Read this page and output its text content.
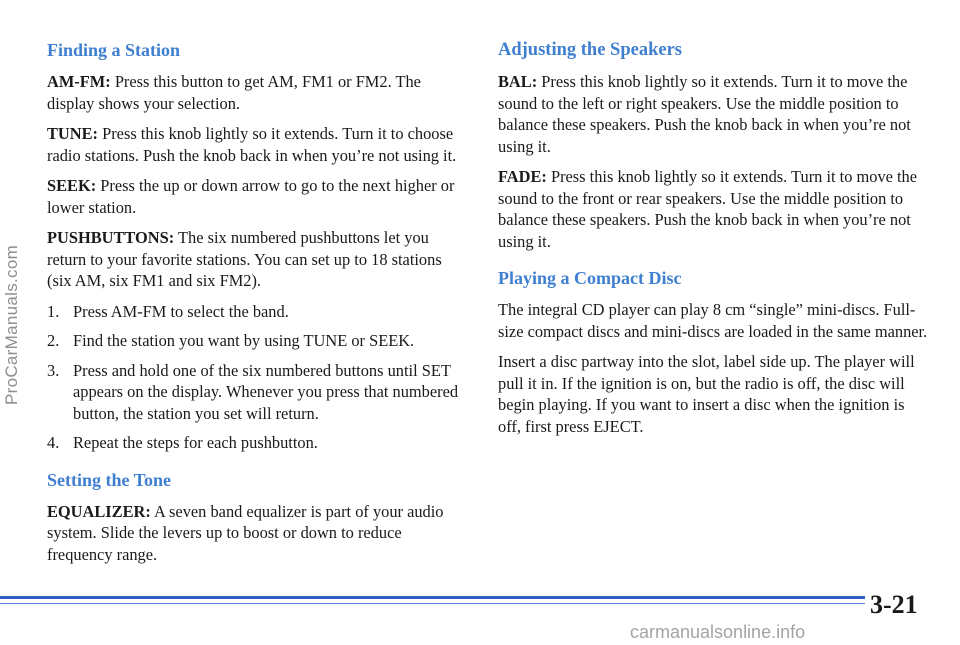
ProCarManuals.com
Finding a Station

AM-FM: Press this button to get AM, FM1 or FM2. The display shows your selection.

TUNE: Press this knob lightly so it extends. Turn it to choose radio stations. Push the knob back in when you’re not using it.

SEEK: Press the up or down arrow to go to the next higher or lower station.

PUSHBUTTONS: The six numbered pushbuttons let you return to your favorite stations. You can set up to 18 stations (six AM, six FM1 and six FM2).

1. Press AM-FM to select the band.
2. Find the station you want by using TUNE or SEEK.
3. Press and hold one of the six numbered buttons until SET appears on the display. Whenever you press that numbered button, the station you set will return.
4. Repeat the steps for each pushbutton.
Setting the Tone

EQUALIZER: A seven band equalizer is part of your audio system. Slide the levers up to boost or down to reduce frequency range.

Adjusting the Speakers

BAL: Press this knob lightly so it extends. Turn it to move the sound to the left or right speakers. Use the middle position to balance these speakers. Push the knob back in when you’re not using it.

FADE: Press this knob lightly so it extends. Turn it to move the sound to the front or rear speakers. Use the middle position to balance these speakers. Push the knob back in when you’re not using it.

Playing a Compact Disc

The integral CD player can play 8 cm “single” mini-discs. Full-size compact discs and mini-discs are loaded in the same manner.

Insert a disc partway into the slot, label side up. The player will pull it in. If the ignition is on, but the radio is off, the disc will begin playing. If you want to insert a disc when the ignition is off, first press EJECT.

3-21
carmanualsonline.info
